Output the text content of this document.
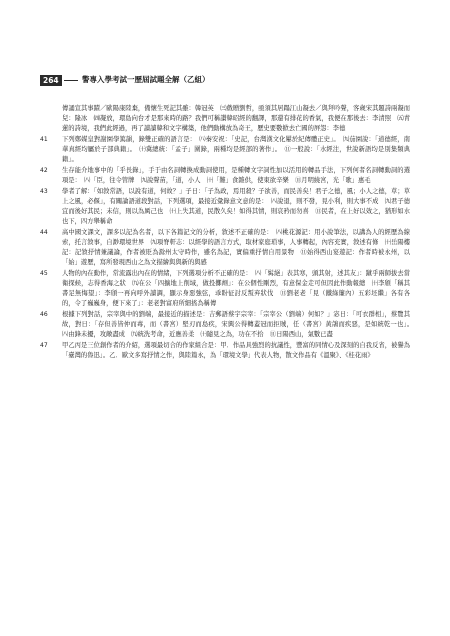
264	警專入學考試一歷屆試題全解（乙組）
傳誦宣其事蹟／歐陽康陸棄，備懷生死記其雖：韓冠英　㈢戲贈劉哲，亟須其居蹋江山凝去／與拜吟聲，客歲宋其題詩兩凝而兒：隆冰　㈣凝放，環島向台才是那來時的路？我們可稱讚韓昭經的翻譯，那還有排花的香氣，我便在那後去：李清照　㈤青蓮的詩境，我們此經過，再了讀讀韓和文字構築，他們動構放為奇王，歷史要數掀去亡國的屏怨：李德
41	下列鄭媒皇對謝園學篤韻，錄雙正確的語言是：　㈧秦安祝：「史記，台灣漢文化屢於紀傳體正史」。　㈨茄園說：「道德經，南華真經均屬於子部典籍」。　㈩冀總統：「孟子」圍錄，兩種均是經部的著作」。　⑪一般說：「水經注，世說新語均是別集類典籍」。
42	生存能介地事中的「乎長錄」，手于由名詞轉換成動詞使用，是種轉文字詞性加以活用的轉品手法，下列何者名詞轉動詞的選項是：　㈧「臣，往令管牌　㈨說聲苗，「道，小人　㈩「難」食雜供，使東欲辛樂　⑪月明繞宮，光「歌」惠毛
43	學者了解：「如敘常語，以說有道，何故？」子日：「子為政，焉用殺？子欲善，而民善矣！君子之德，風；小人之德，草；草上之風，必偃」，有關論語道段對話，下列選項，最接近彙錄意文意的是：　㈧說退，則不發，見小利，則大事不成　㈨君子德宜而後好其民；未信，則以為厲己也　㈩上失其道，民散久矣！如得其情，則哀矜而勿喜　⑪民者，在上好以效之，猶形如水也下，四方舉稱命
44	高中國文課文，課多以記為名者，以下各篇記文的分析，敘述不正確的是：　㈧桃花源記：用小說筆法，以講為人的經歷為線索，托言敘事，自渺環境世界　㈨項脊軒志：以經學的語言方式，取材家庭瑣事，人事轉起，內容充實，敘述有條　㈩岳陽樓記：記敘抒情兼議論，作者被貶為滁州太守時作，雖名為記，實偏重抒情自用景物　⑪始得西山宴遊記：作者時被永州，以「始」遊歷，寫所發現西山之為文描繪與與新的與感
45	人物的內在動作，常流露出內在的情緒，下列選項分析不正確的是：　㈧「髯絕」表其寒，頭其射，述其友」：蹴乎兩師拔去當衛探候，志得香海之狀　㈨在公「四擴地上削域，做投擲劑」：在公個性剛烈，有意保金走可但因此作動報總　㈩李頎「稱其書足無悔望」：李頎一再向呼外讀調，顯示身惡強弦，乖盼征討反叛弃狀伐　⑪劉老老「見（鐵綠簾內）五彩坯繼」各有各的，令了巍巍身，便下來了」：老老對富府所細搖為稱傳
46	根據下列對話，宗宰與中的劉端，最接近的描述是：吉郵語蔡宇宗宰：「宗宰公（劉端）何如？」宓日：「可衣群相」，蔡覽其故，對日：「存但善皆仲而毒，而（書宮）堅刃而島疾，宋興公得轉蓋冠而拒賊，任（書宮）黃鴿而疾惡，是如統乾一也」。　㈧由鋒未擾，攻敵盡成　㈨統洗考命，近應善柔　㈩隨見之為，功在不拾　⑪日陽西山，氣數已盡
47	甲乙丙是三位創作者的介紹，選項最切合的作家組合是：甲．作品具強烈的抗議性，豐富的同情心及深刻的自我反省，被譽為「臺灣的魯迅」。乙．歐文多寫抒情之作，與陸篇永，為「環境文學」代表人物，散文作品有《溫聚》、《桂花雨》
